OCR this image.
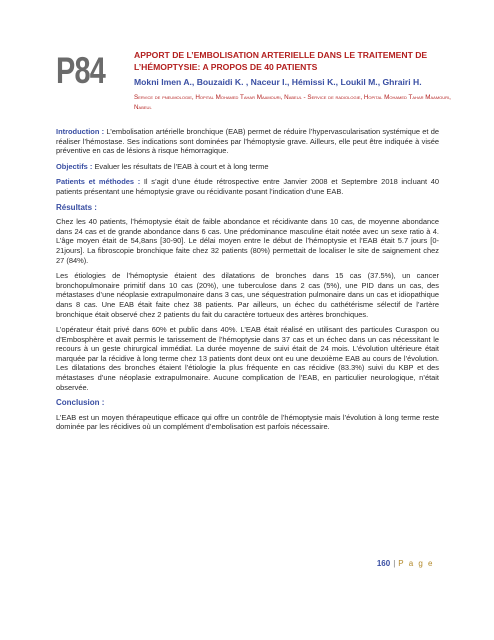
P84	APPORT DE L’EMBOLISATION ARTERIELLE DANS LE TRAITEMENT DE L’HÉMOPTYSIE: A PROPOS DE 40 PATIENTS
Mokni Imen A., Bouzaidi K. , Naceur I., Hémissi K., Loukil M., Ghrairi H.
Service de pneumologie, Hopital Mohamed Tahar Maamouri, Nabeul - Service de radiologie, Hopital Mohamed Tahar Maamouri, Nabeul

Introduction : L’embolisation artérielle bronchique (EAB) permet de réduire l’hypervascularisation systémique et de réaliser l’hémostase. Ses indications sont dominées par l’hémoptysie grave. Ailleurs, elle peut être indiquée à visée préventive en cas de lésions à risque hémorragique.

Objectifs : Evaluer les résultats de l’EAB à court et à long terme

Patients et méthodes : Il s’agit d’une étude rétrospective entre Janvier 2008 et Septembre 2018 incluant 40 patients présentant une hémoptysie grave ou récidivante posant l’indication d’une EAB.

Résultats :

Chez les 40 patients, l’hémoptysie était de faible abondance et récidivante dans 10 cas, de moyenne abondance dans 24 cas et de grande abondance dans 6 cas. Une prédominance masculine était notée avec un sexe ratio à 4. L’âge moyen était de 54,8ans [30-90]. Le délai moyen entre le début de l’hémoptysie et l’EAB était 5.7 jours [0-21jours]. La fibroscopie bronchique faite chez 32 patients (80%) permettait de localiser le site de saignement chez 27 (84%).

Les étiologies de l’hémoptysie étaient des dilatations de bronches dans 15 cas (37.5%), un cancer bronchopulmonaire primitif dans 10 cas (20%), une tuberculose dans 2 cas (5%), une PID dans un cas, des métastases d’une néoplasie extrapulmonaire dans 3 cas, une séquestration pulmonaire dans un cas et idiopathique dans 8 cas. Une EAB était faite chez 38 patients. Par ailleurs, un échec du cathétérisme sélectif de l’artère bronchique était observé chez 2 patients du fait du caractère tortueux des artères bronchiques.

L’opérateur était privé dans 60% et public dans 40%. L’EAB était réalisé en utilisant des particules Curaspon ou d’Embosphère et avait permis le tarissement de l’hémoptysie dans 37 cas et un échec dans un cas nécessitant le recours à un geste chirurgical immédiat. La durée moyenne de suivi était de 24 mois. L’évolution ultérieure était marquée par la récidive à long terme chez 13 patients dont deux ont eu une deuxième EAB au cours de l’évolution. Les dilatations des bronches étaient l’étiologie la plus fréquente en cas récidive (83.3%) suivi du KBP et des métastases d’une néoplasie extrapulmonaire. Aucune complication de l’EAB, en particulier neurologique, n’était observée.

Conclusion :

L’EAB est un moyen thérapeutique efficace qui offre un contrôle de l’hémoptysie mais l’évolution à long terme reste dominée par les récidives où un complément d’embolisation est parfois nécessaire.

160 | P a g e
